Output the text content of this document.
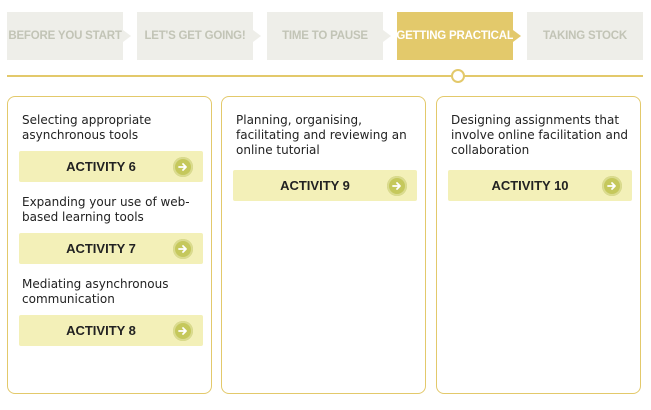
BEFORE YOU START LET'S GET GOING!	TIME TO PAUSE GETTING PRACTICAL	TAKING STOCK
Selecting appropriate asynchronous tools
ACTIVITY 6
Expanding your use of web-based learning tools
ACTIVITY 7
Mediating asynchronous communication
ACTIVITY 8
Planning, organising, facilitating and reviewing an online tutorial
ACTIVITY 9
Designing assignments that involve online facilitation and collaboration
ACTIVITY 10
